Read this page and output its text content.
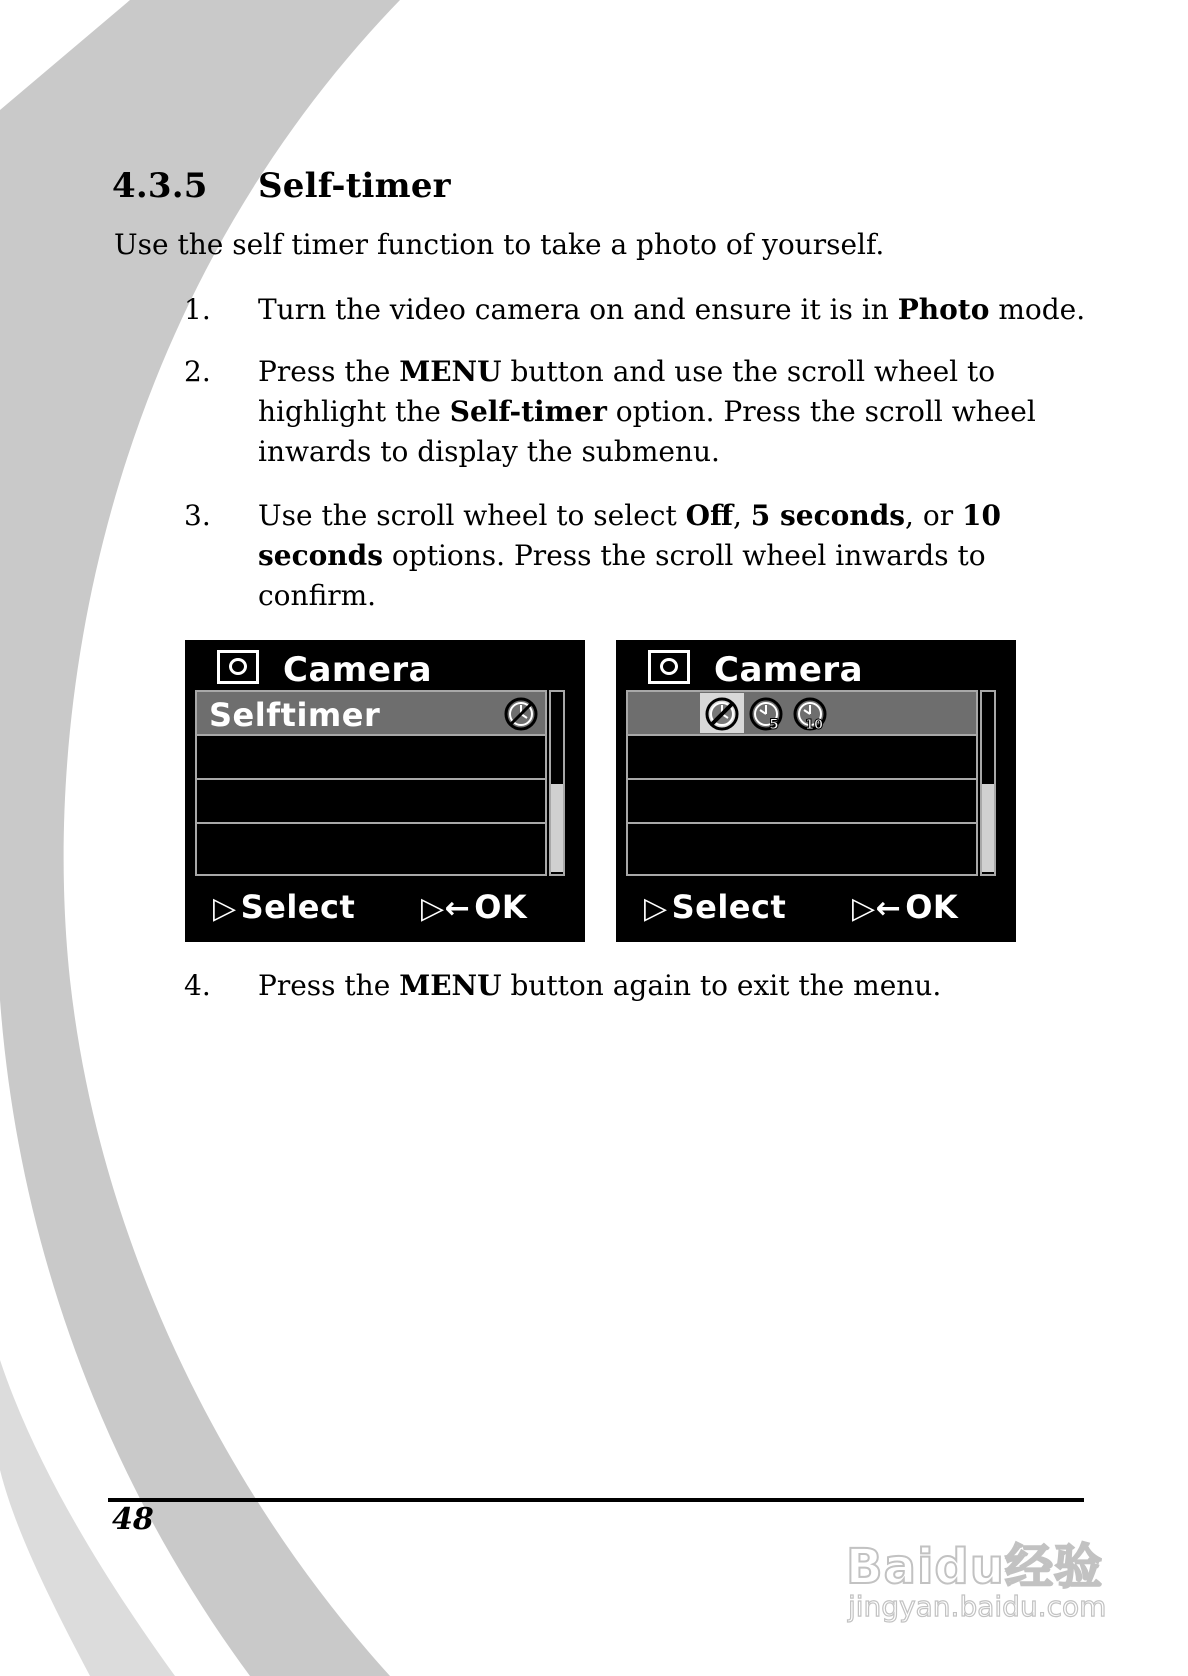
4.3.5 Self-timer
Use the self timer function to take a photo of yourself.
1.	Turn the video camera on and ensure it is in Photo mode.
2.	Press the MENU button and use the scroll wheel to highlight the Self-timer option. Press the scroll wheel inwards to display the submenu.
3.	Use the scroll wheel to select Off, 5 seconds, or 10 seconds options. Press the scroll wheel inwards to confirm.
Camera
Selftimer
▷ Select ▷← OK
Camera
5 10
▷ Select ▷← OK
4.	Press the MENU button again to exit the menu.
48
Baidu经验
jingyan.baidu.com
